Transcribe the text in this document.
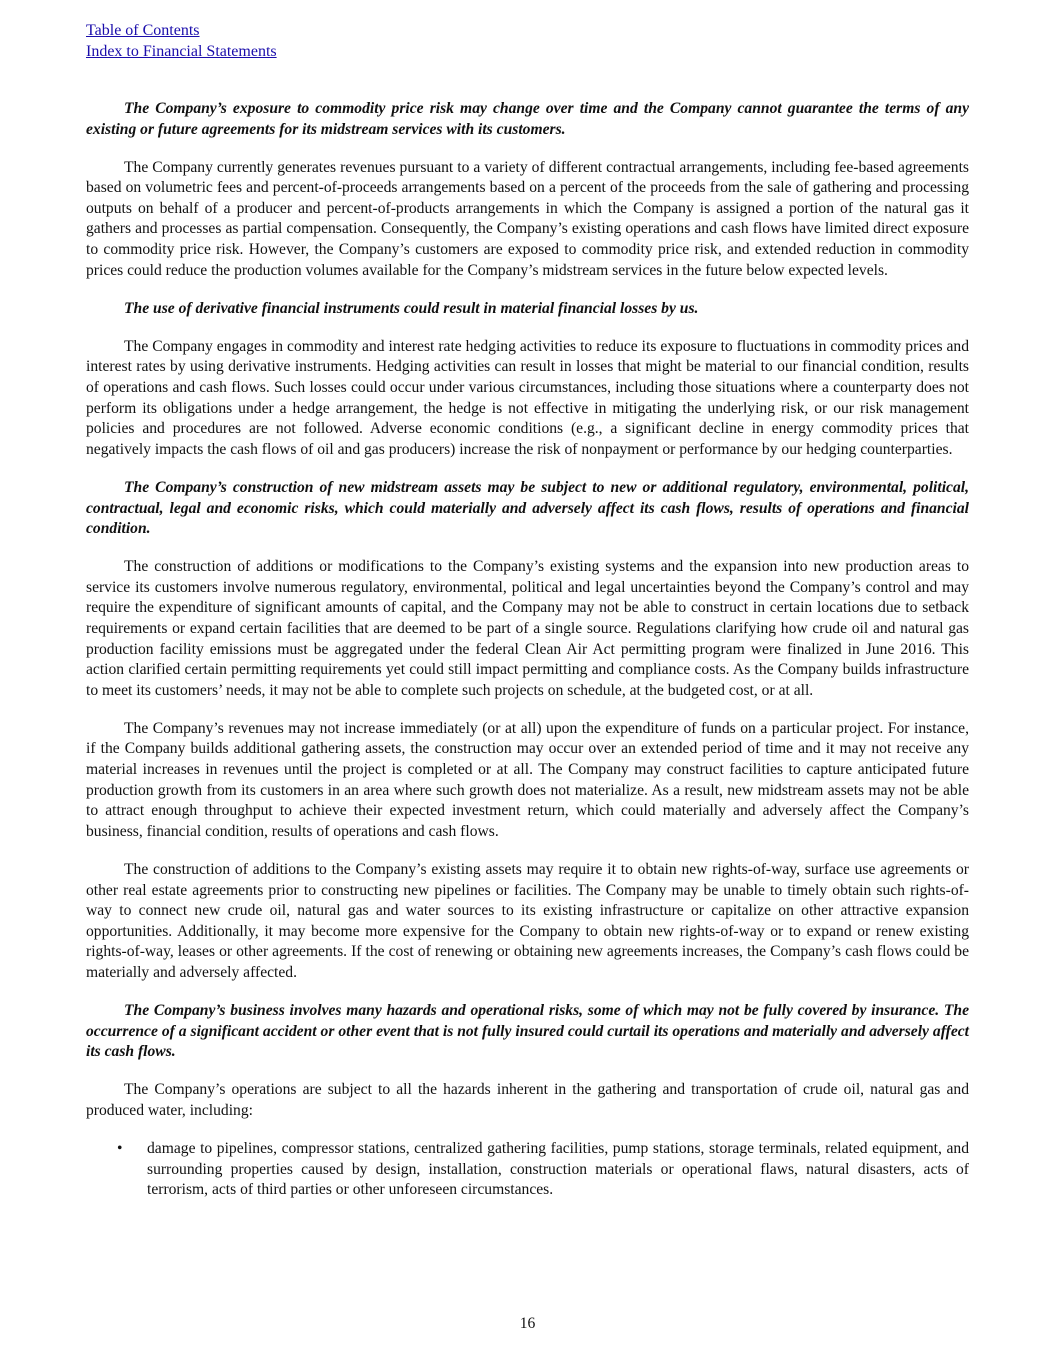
Table of Contents
Index to Financial Statements

The Company’s exposure to commodity price risk may change over time and the Company cannot guarantee the terms of any existing or future agreements for its midstream services with its customers.

The Company currently generates revenues pursuant to a variety of different contractual arrangements, including fee-based agreements based on volumetric fees and percent-of-proceeds arrangements based on a percent of the proceeds from the sale of gathering and processing outputs on behalf of a producer and percent-of-products arrangements in which the Company is assigned a portion of the natural gas it gathers and processes as partial compensation. Consequently, the Company’s existing operations and cash flows have limited direct exposure to commodity price risk. However, the Company’s customers are exposed to commodity price risk, and extended reduction in commodity prices could reduce the production volumes available for the Company’s midstream services in the future below expected levels.

The use of derivative financial instruments could result in material financial losses by us.

The Company engages in commodity and interest rate hedging activities to reduce its exposure to fluctuations in commodity prices and interest rates by using derivative instruments. Hedging activities can result in losses that might be material to our financial condition, results of operations and cash flows. Such losses could occur under various circumstances, including those situations where a counterparty does not perform its obligations under a hedge arrangement, the hedge is not effective in mitigating the underlying risk, or our risk management policies and procedures are not followed. Adverse economic conditions (e.g., a significant decline in energy commodity prices that negatively impacts the cash flows of oil and gas producers) increase the risk of nonpayment or performance by our hedging counterparties.

The Company’s construction of new midstream assets may be subject to new or additional regulatory, environmental, political, contractual, legal and economic risks, which could materially and adversely affect its cash flows, results of operations and financial condition.

The construction of additions or modifications to the Company’s existing systems and the expansion into new production areas to service its customers involve numerous regulatory, environmental, political and legal uncertainties beyond the Company’s control and may require the expenditure of significant amounts of capital, and the Company may not be able to construct in certain locations due to setback requirements or expand certain facilities that are deemed to be part of a single source. Regulations clarifying how crude oil and natural gas production facility emissions must be aggregated under the federal Clean Air Act permitting program were finalized in June 2016. This action clarified certain permitting requirements yet could still impact permitting and compliance costs. As the Company builds infrastructure to meet its customers’ needs, it may not be able to complete such projects on schedule, at the budgeted cost, or at all.

The Company’s revenues may not increase immediately (or at all) upon the expenditure of funds on a particular project. For instance, if the Company builds additional gathering assets, the construction may occur over an extended period of time and it may not receive any material increases in revenues until the project is completed or at all. The Company may construct facilities to capture anticipated future production growth from its customers in an area where such growth does not materialize. As a result, new midstream assets may not be able to attract enough throughput to achieve their expected investment return, which could materially and adversely affect the Company’s business, financial condition, results of operations and cash flows.

The construction of additions to the Company’s existing assets may require it to obtain new rights-of-way, surface use agreements or other real estate agreements prior to constructing new pipelines or facilities. The Company may be unable to timely obtain such rights-of-way to connect new crude oil, natural gas and water sources to its existing infrastructure or capitalize on other attractive expansion opportunities. Additionally, it may become more expensive for the Company to obtain new rights-of-way or to expand or renew existing rights-of-way, leases or other agreements. If the cost of renewing or obtaining new agreements increases, the Company’s cash flows could be materially and adversely affected.

The Company’s business involves many hazards and operational risks, some of which may not be fully covered by insurance. The occurrence of a significant accident or other event that is not fully insured could curtail its operations and materially and adversely affect its cash flows.

The Company’s operations are subject to all the hazards inherent in the gathering and transportation of crude oil, natural gas and produced water, including:

• damage to pipelines, compressor stations, centralized gathering facilities, pump stations, storage terminals, related equipment, and surrounding properties caused by design, installation, construction materials or operational flaws, natural disasters, acts of terrorism, acts of third parties or other unforeseen circumstances.
16
